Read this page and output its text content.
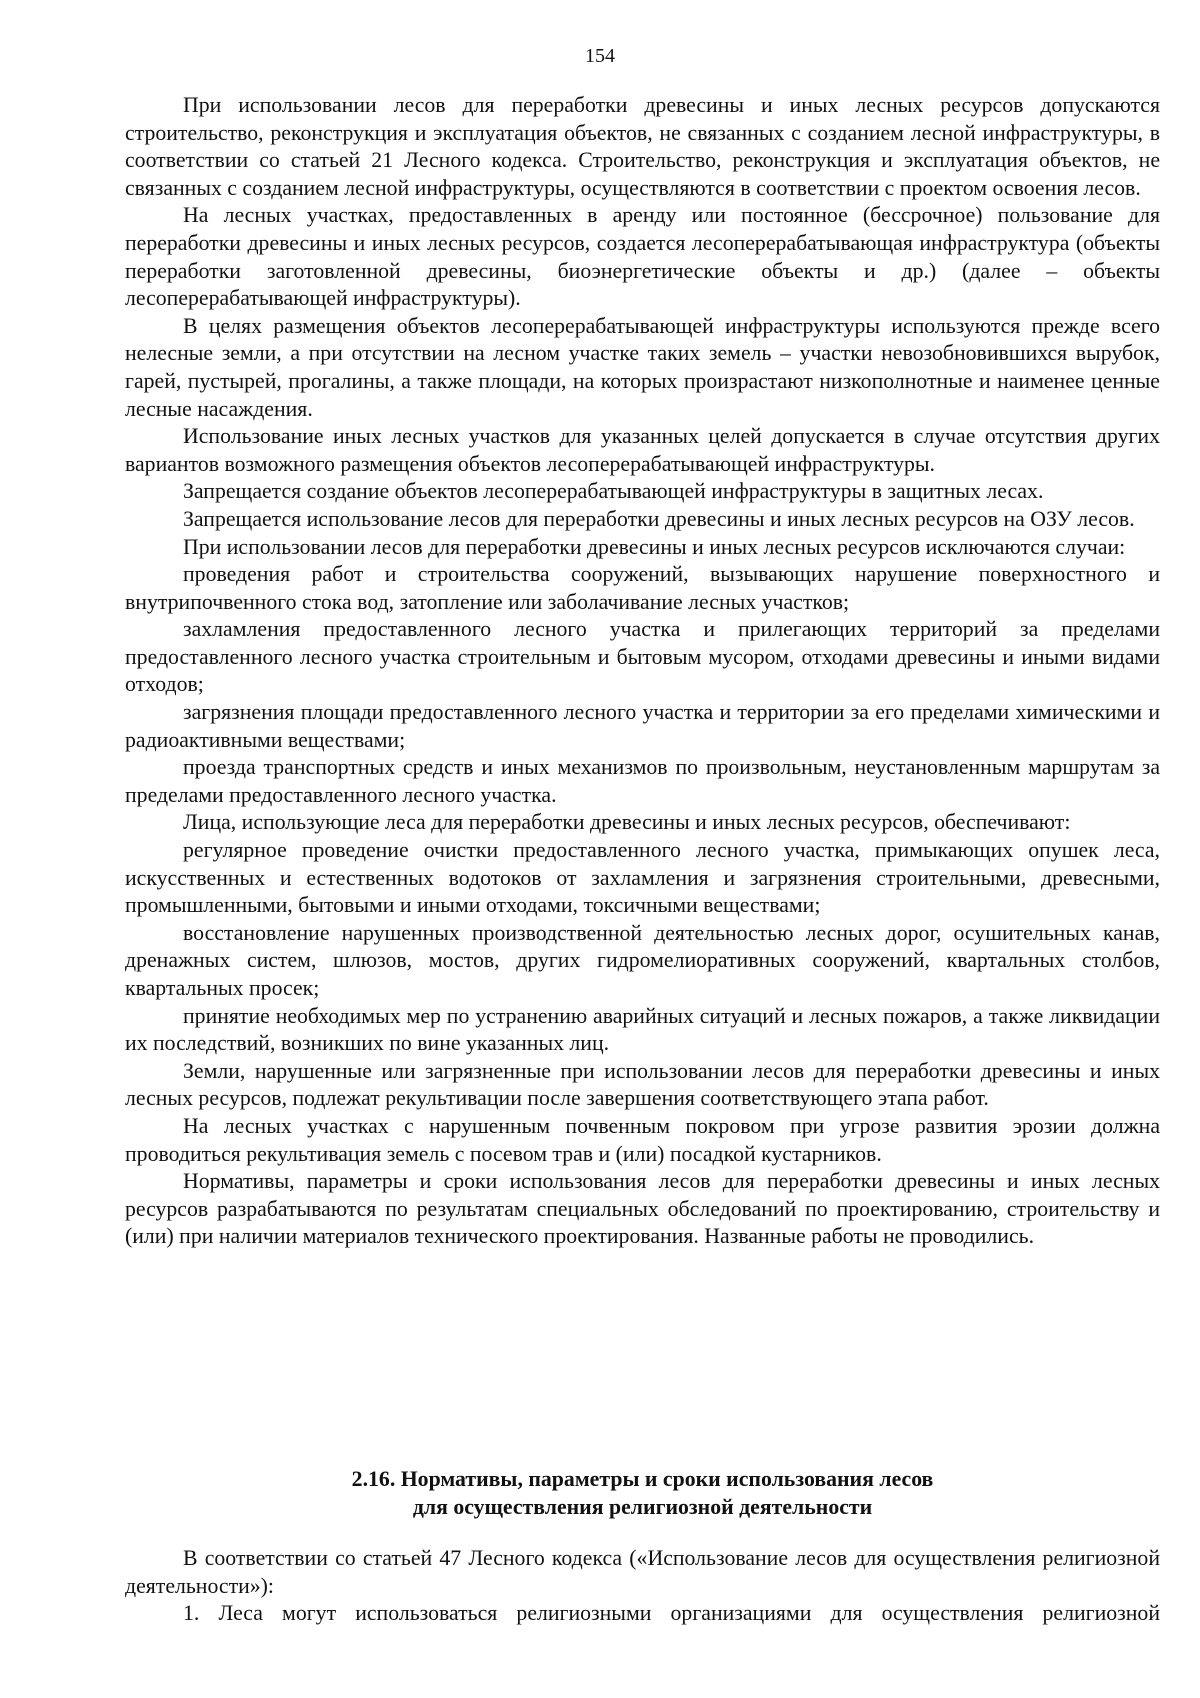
154

При использовании лесов для переработки древесины и иных лесных ресурсов допускаются строительство, реконструкция и эксплуатация объектов, не связанных с созданием лесной инфраструктуры, в соответствии со статьей 21 Лесного кодекса. Строительство, реконструкция и эксплуатация объектов, не связанных с созданием лесной инфраструктуры, осуществляются в соответствии с проектом освоения лесов.

На лесных участках, предоставленных в аренду или постоянное (бессрочное) пользование для переработки древесины и иных лесных ресурсов, создается лесоперерабатывающая инфраструктура (объекты переработки заготовленной древесины, биоэнергетические объекты и др.) (далее – объекты лесоперерабатывающей инфраструктуры).

В целях размещения объектов лесоперерабатывающей инфраструктуры используются прежде всего нелесные земли, а при отсутствии на лесном участке таких земель – участки невозобновившихся вырубок, гарей, пустырей, прогалины, а также площади, на которых произрастают низкополнотные и наименее ценные лесные насаждения.

Использование иных лесных участков для указанных целей допускается в случае отсутствия других вариантов возможного размещения объектов лесоперерабатывающей инфраструктуры.

Запрещается создание объектов лесоперерабатывающей инфраструктуры в защитных лесах.

Запрещается использование лесов для переработки древесины и иных лесных ресурсов на ОЗУ лесов.

При использовании лесов для переработки древесины и иных лесных ресурсов исключаются случаи:

проведения работ и строительства сооружений, вызывающих нарушение поверхностного и внутрипочвенного стока вод, затопление или заболачивание лесных участков;

захламления предоставленного лесного участка и прилегающих территорий за пределами предоставленного лесного участка строительным и бытовым мусором, отходами древесины и иными видами отходов;

загрязнения площади предоставленного лесного участка и территории за его пределами химическими и радиоактивными веществами;

проезда транспортных средств и иных механизмов по произвольным, неустановленным маршрутам за пределами предоставленного лесного участка.

Лица, использующие леса для переработки древесины и иных лесных ресурсов, обеспечивают:

регулярное проведение очистки предоставленного лесного участка, примыкающих опушек леса, искусственных и естественных водотоков от захламления и загрязнения строительными, древесными, промышленными, бытовыми и иными отходами, токсичными веществами;

восстановление нарушенных производственной деятельностью лесных дорог, осушительных канав, дренажных систем, шлюзов, мостов, других гидромелиоративных сооружений, квартальных столбов, квартальных просек;

принятие необходимых мер по устранению аварийных ситуаций и лесных пожаров, а также ликвидации их последствий, возникших по вине указанных лиц.

Земли, нарушенные или загрязненные при использовании лесов для переработки древесины и иных лесных ресурсов, подлежат рекультивации после завершения соответствующего этапа работ.

На лесных участках с нарушенным почвенным покровом при угрозе развития эрозии должна проводиться рекультивация земель с посевом трав и (или) посадкой кустарников.

Нормативы, параметры и сроки использования лесов для переработки древесины и иных лесных ресурсов разрабатываются по результатам специальных обследований по проектированию, строительству и (или) при наличии материалов технического проектирования. Названные работы не проводились.

2.16. Нормативы, параметры и сроки использования лесов
для осуществления религиозной деятельности

В соответствии со статьей 47 Лесного кодекса («Использование лесов для осуществления религиозной деятельности»):

1. Леса могут использоваться религиозными организациями для осуществления религиозной
